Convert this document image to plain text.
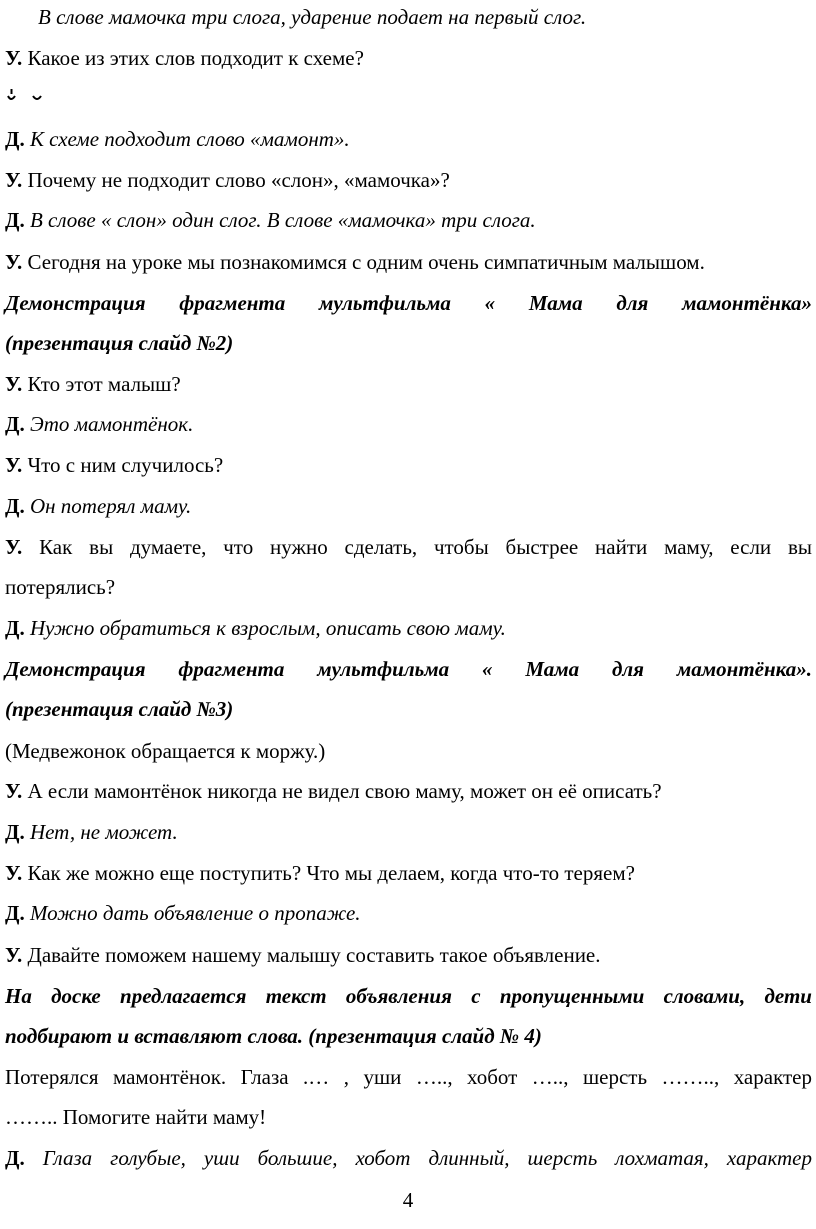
В слове мамочка три слога, ударение подает на первый слог.
У. Какое из этих слов подходит к схеме?
Д. К схеме подходит слово «мамонт».
У. Почему не подходит слово «слон», «мамочка»?
Д. В слове « слон» один слог. В слове «мамочка» три слога.
У. Сегодня на уроке мы познакомимся с одним очень симпатичным малышом.
Демонстрация фрагмента мультфильма « Мама для мамонтёнка»
(презентация слайд №2)
У. Кто этот малыш?
Д. Это мамонтёнок.
У. Что с ним случилось?
Д. Он потерял маму.
У. Как вы думаете, что нужно сделать, чтобы быстрее найти маму, если вы
потерялись?
Д. Нужно обратиться к взрослым, описать свою маму.
Демонстрация фрагмента мультфильма « Мама для мамонтёнка».
(презентация слайд №3)
(Медвежонок обращается к моржу.)
У. А если мамонтёнок никогда не видел свою маму, может он её описать?
Д. Нет, не может.
У. Как же можно еще поступить? Что мы делаем, когда что-то теряем?
Д. Можно дать объявление о пропаже.
У. Давайте поможем нашему малышу составить такое объявление.
На доске предлагается текст объявления с пропущенными словами, дети
подбирают и вставляют слова. (презентация слайд № 4)
Потерялся мамонтёнок. Глаза .… , уши ….., хобот ….., шерсть …….., характер
…….. Помогите найти маму!
Д. Глаза голубые, уши большие, хобот длинный, шерсть лохматая, характер
4
